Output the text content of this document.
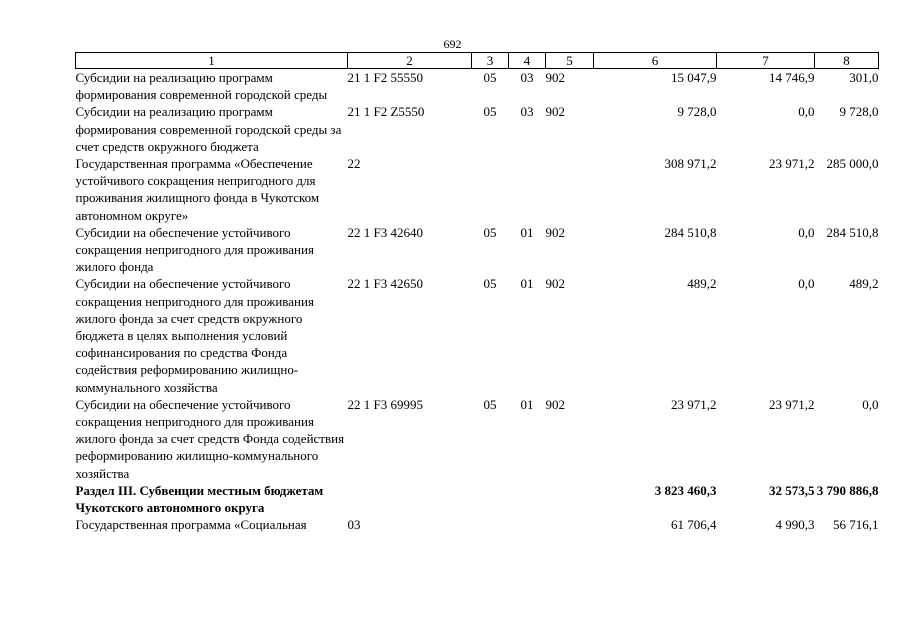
692
1	2	3	4	5	6	7	8
Субсидии на реализацию программ формирования современной городской среды	21 1 F2 55550	05	03	902	15 047,9	14 746,9	301,0
Субсидии на реализацию программ формирования современной городской среды за счет средств окружного бюджета	21 1 F2 Z5550	05	03	902	9 728,0	0,0	9 728,0
Государственная программа «Обеспечение устойчивого сокращения непригодного для проживания жилищного фонда в Чукотском автономном округе»	22				308 971,2	23 971,2	285 000,0
Субсидии на обеспечение устойчивого сокращения непригодного для проживания жилого фонда	22 1 F3 42640	05	01	902	284 510,8	0,0	284 510,8
Субсидии на обеспечение устойчивого сокращения непригодного для проживания жилого фонда за счет средств окружного бюджета в целях выполнения условий софинансирования по средства Фонда содействия реформированию жилищно-коммунального хозяйства	22 1 F3 42650	05	01	902	489,2	0,0	489,2
Субсидии на обеспечение устойчивого сокращения непригодного для проживания жилого фонда за счет средств Фонда содействия реформированию жилищно-коммунального хозяйства	22 1 F3 69995	05	01	902	23 971,2	23 971,2	0,0
Раздел III. Субвенции местным бюджетам Чукотского автономного округа					3 823 460,3	32 573,5	3 790 886,8
Государственная программа «Социальная	03				61 706,4	4 990,3	56 716,1
